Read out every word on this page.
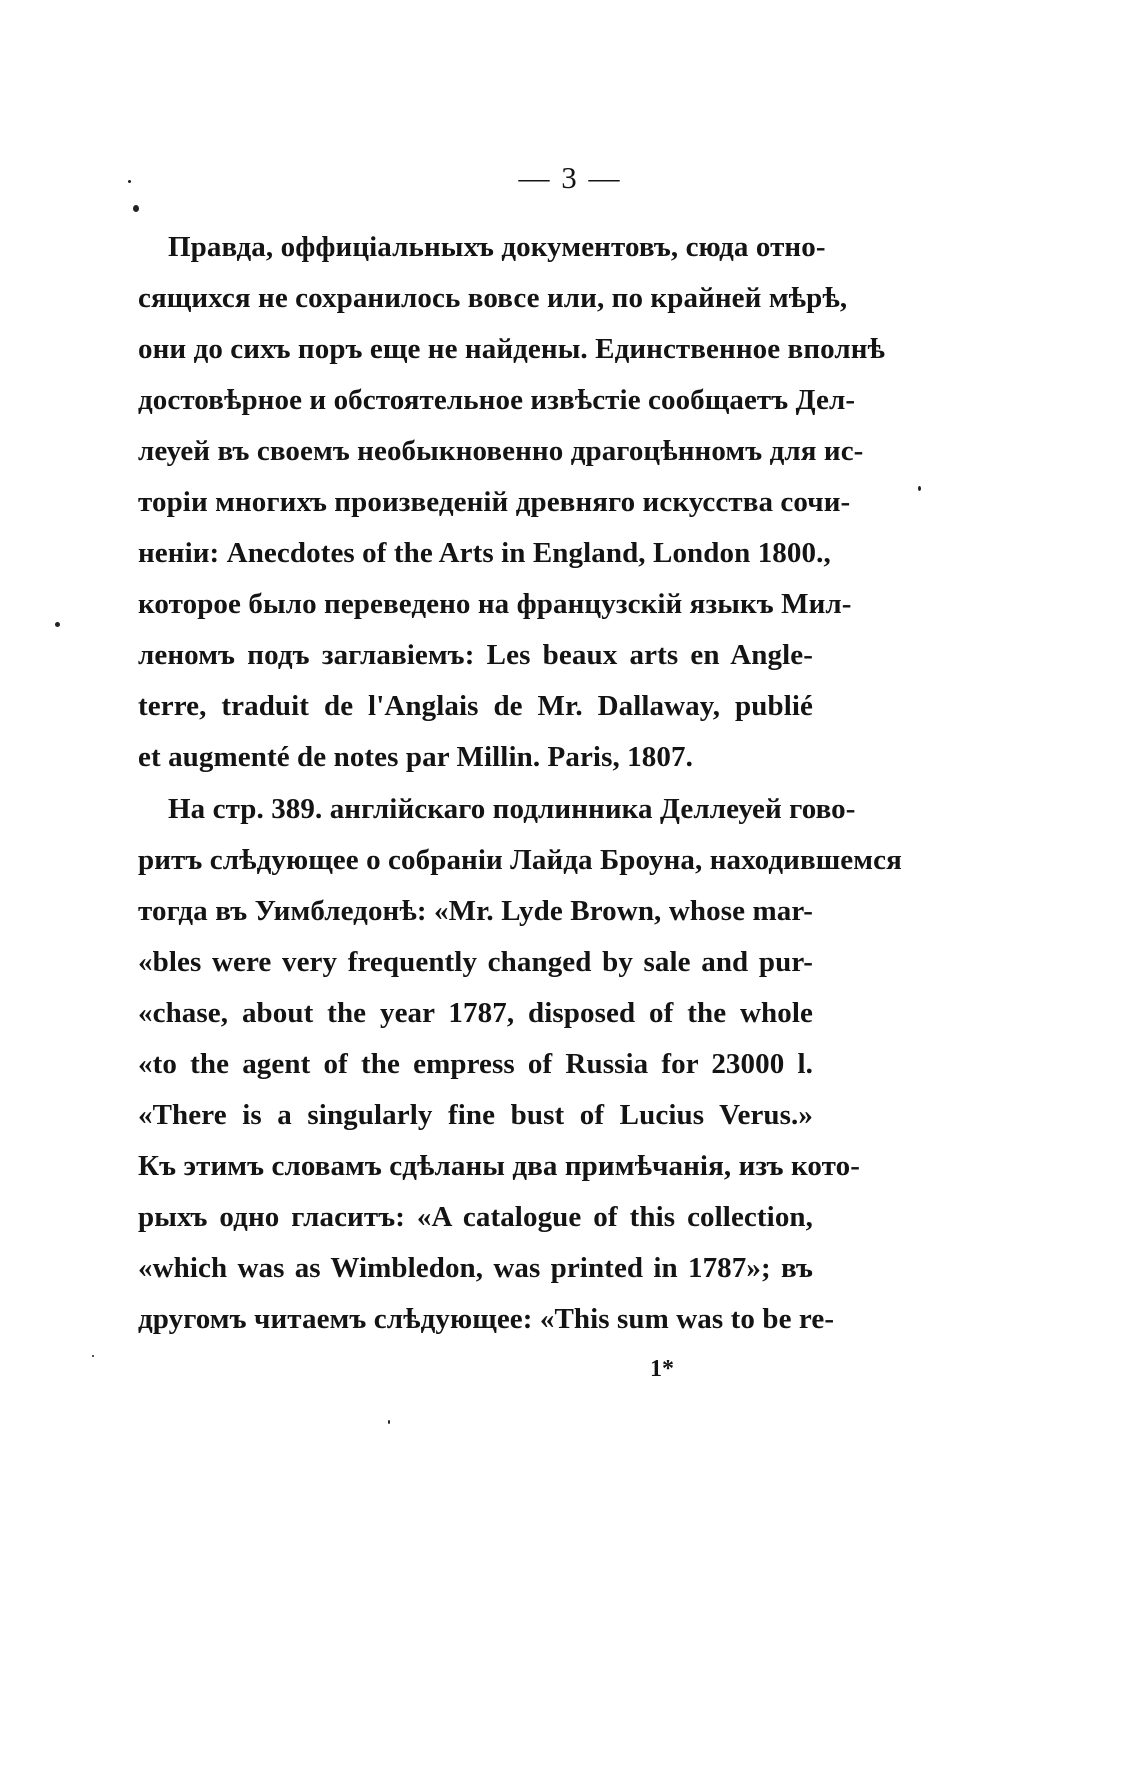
— 3 —
Правда, оффиціальныхъ документовъ, сюда отно-
сящихся не сохранилось вовсе или, по крайней мѣрѣ,
они до сихъ поръ еще не найдены. Единственное вполнѣ
достовѣрное и обстоятельное извѣстіе сообщаетъ Дел-
леуей въ своемъ необыкновенно драгоцѣнномъ для ис-
торіи многихъ произведеній древняго искусства сочи-
неніи: Anecdotes of the Arts in England, London 1800.,
которое было переведено на французскій языкъ Мил-
леномъ подъ заглавіемъ: Les beaux arts en Angle-
terre, traduit de l'Anglais de Mr. Dallaway, publié
et augmenté de notes par Millin. Paris, 1807.
На стр. 389. англійскаго подлинника Деллеуей гово-
ритъ слѣдующее о собраніи Лайда Броуна, находившемся
тогда въ Уимбледонѣ: «Mr. Lyde Brown, whose mar-
«bles were very frequently changed by sale and pur-
«chase, about the year 1787, disposed of the whole
«to the agent of the empress of Russia for 23000 l.
«There is a singularly fine bust of Lucius Verus.»
Къ этимъ словамъ сдѣланы два примѣчанія, изъ кото-
рыхъ одно гласитъ: «A catalogue of this collection,
«which was as Wimbledon, was printed in 1787»; въ
другомъ читаемъ слѣдующее: «This sum was to be re-
1*
